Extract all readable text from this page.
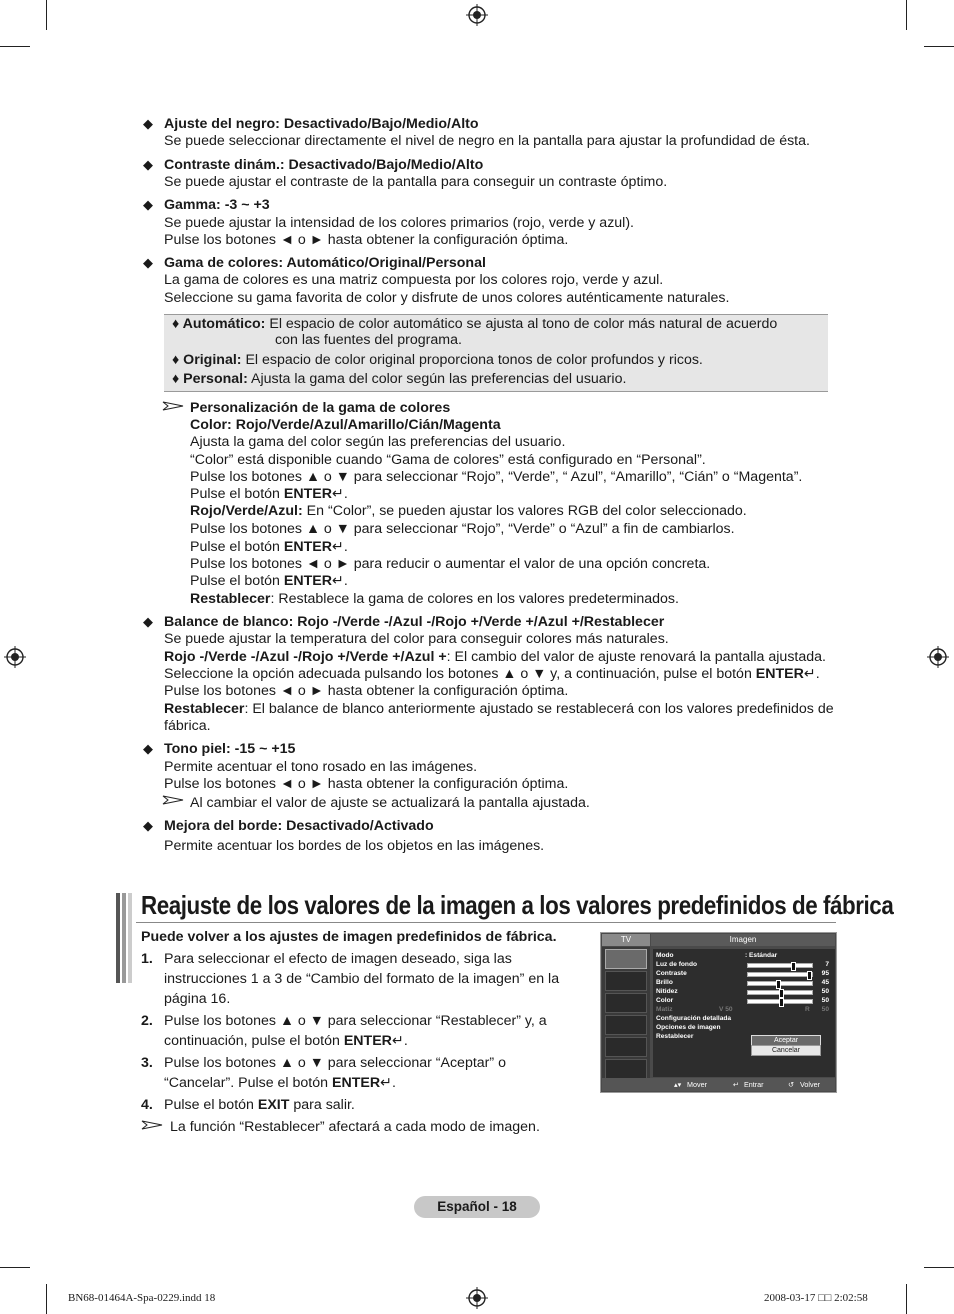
◆ Ajuste del negro: Desactivado/Bajo/Medio/Alto
Se puede seleccionar directamente el nivel de negro en la pantalla para ajustar la profundidad de ésta.
◆ Contraste dinám.: Desactivado/Bajo/Medio/Alto
Se puede ajustar el contraste de la pantalla para conseguir un contraste óptimo.
◆ Gamma: -3 ~ +3
Se puede ajustar la intensidad de los colores primarios (rojo, verde y azul).
Pulse los botones ◄ o ► hasta obtener la configuración óptima.
◆ Gama de colores: Automático/Original/Personal
La gama de colores es una matriz compuesta por los colores rojo, verde y azul.
Seleccione su gama favorita de color y disfrute de unos colores auténticamente naturales.
♦ Automático: El espacio de color automático se ajusta al tono de color más natural de acuerdo
con las fuentes del programa.
♦ Original: El espacio de color original proporciona tonos de color profundos y ricos.
♦ Personal: Ajusta la gama del color según las preferencias del usuario.
Personalización de la gama de colores
Color: Rojo/Verde/Azul/Amarillo/Cián/Magenta
Ajusta la gama del color según las preferencias del usuario.
“Color” está disponible cuando “Gama de colores” está configurado en “Personal”.
Pulse los botones ▲ o ▼ para seleccionar “Rojo”, “Verde”, “ Azul”, “Amarillo”, “Cián” o “Magenta”.
Pulse el botón ENTER↵.
Rojo/Verde/Azul: En “Color”, se pueden ajustar los valores RGB del color seleccionado.
Pulse los botones ▲ o ▼ para seleccionar “Rojo”, “Verde” o “Azul” a fin de cambiarlos.
Pulse el botón ENTER↵.
Pulse los botones ◄ o ► para reducir o aumentar el valor de una opción concreta.
Pulse el botón ENTER↵.
Restablecer: Restablece la gama de colores en los valores predeterminados.
◆ Balance de blanco: Rojo -/Verde -/Azul -/Rojo +/Verde +/Azul +/Restablecer
Se puede ajustar la temperatura del color para conseguir colores más naturales.
Rojo -/Verde -/Azul -/Rojo +/Verde +/Azul +: El cambio del valor de ajuste renovará la pantalla ajustada.
Seleccione la opción adecuada pulsando los botones ▲ o ▼ y, a continuación, pulse el botón ENTER↵.
Pulse los botones ◄ o ► hasta obtener la configuración óptima.
Restablecer: El balance de blanco anteriormente ajustado se restablecerá con los valores predefinidos de
fábrica.
◆ Tono piel: -15 ~ +15
Permite acentuar el tono rosado en las imágenes.
Pulse los botones ◄ o ► hasta obtener la configuración óptima.
Al cambiar el valor de ajuste se actualizará la pantalla ajustada.
◆ Mejora del borde: Desactivado/Activado
Permite acentuar los bordes de los objetos en las imágenes.
Reajuste de los valores de la imagen a los valores predefinidos de fábrica
Puede volver a los ajustes de imagen predefinidos de fábrica.
1. Para seleccionar el efecto de imagen deseado, siga las
instrucciones 1 a 3 de “Cambio del formato de la imagen” en la
página 16.
2. Pulse los botones ▲ o ▼ para seleccionar “Restablecer” y, a
continuación, pulse el botón ENTER↵.
3. Pulse los botones ▲ o ▼ para seleccionar “Aceptar” o
“Cancelar”. Pulse el botón ENTER↵.
4. Pulse el botón EXIT para salir.
La función “Restablecer” afectará a cada modo de imagen.
TV	Imagen
Modo	: Estándar
Luz de fondo	7
Contraste	95
Brillo	45
Nitidez	50
Color	50
Matiz	V 50	R 50
Configuración detallada
Opciones de imagen
Restablecer
Aceptar
Cancelar
▴▾ Mover	↵ Entrar	↺ Volver
Español - 18
BN68-01464A-Spa-0229.indd 18	2008-03-17 □□ 2:02:58
